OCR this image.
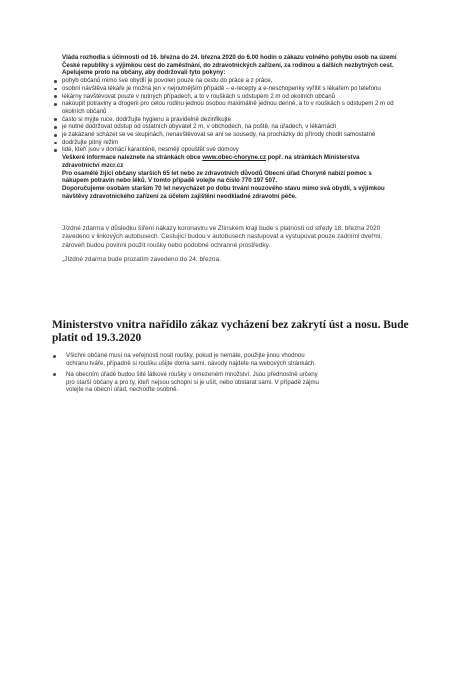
Vláda rozhodla s účinností od 16. března do 24. března 2020 do 6.00 hodin o zákazu volného pohybu osob na území České republiky s výjimkou cest do zaměstnání, do zdravotnických zařízení, za rodinou a dalších nezbytných cest.

Apelujeme proto na občany, aby dodržovali tyto pokyny:

pohyb občanů mimo své obydlí je povolen pouze na cestu do práce a z práce,
osobní návštěva lékaře je možná jen v nejnutnějším případě – e-recepty a e-neschopenky vyřítit s lékařem po telefonu
lékárny navštěvovat pouze v nutných případech, a to v rouškách s odstupem 2 m od okolních občanů
nakoupit potraviny a drogerii pro celou rodinu jednou osobou maximálně jednou denně, a to v rouškách s odstupem 2 m od okolních občanů
často si mýjte ruce, dodržujte hygienu a pravidelně dezinfikujte
je nutné dodržovat odstup od ostatních obyvatel 2 m, v obchodech, na poště, na úřadech, v lékárnách
je zakázané scházet se ve skupinách, nenavštěvovat se ani se sousedy, na procházky do přírody chodit samostatně
dodržujte pitný režim
lidé, kteří jsou v domácí karanténě, nesmějí opouštět své domovy

Veškeré informace naleznete na stránkách obce www.obec-choryne.cz popř. na stránkách Ministerstva zdravotnictví mzcr.cz

Pro osamělé žijící občany starších 65 let nebo ze zdravotních důvodů Obecní úřad Choryně nabízí pomoc s nákupem potravin nebo léků. V tomto případě volejte na číslo 770 197 507.

Doporučujeme osobám starším 70 let nevycházet po dobu trvání nouzového stavu mimo svá obydlí, s výjimkou návštěvy zdravotnického zařízení za účelem zajištění neodkladné zdravotní péče.

Jízdné zdarma v důsledku šíření nákazy koronaviru ve Zlínském kraji bude s platností od středy 18. března 2020 zavedeno v linkových autobusech. Cestující budou v autobusech nastupovat a vystupovat pouze zadními dveřmi, zároveň budou povinni použít roušky nebo podobné ochranné prostředky.

„Jízdné zdarma bude prozatím zavedeno do 24. března.

Ministerstvo vnitra nařídilo zákaz vycházení bez zakrytí úst a nosu. Bude platit od 19.3.2020
Všichni občané musí na veřejnosti nosit roušky, pokud je nemáte, použijte jinou vhodnou ochranu tváře, případně si roušku ušijte doma sami, návody najdete na webových stránkách.
Na obecním úřadě budou šité látkové roušky v omezeném množství. Jsou přednostně určeny pro starší občany a pro ty, kteří nejsou schopni si je ušít, nebo obstarat sami. V případě zájmu volejte na obecní úřad, nechoďte osobně.
